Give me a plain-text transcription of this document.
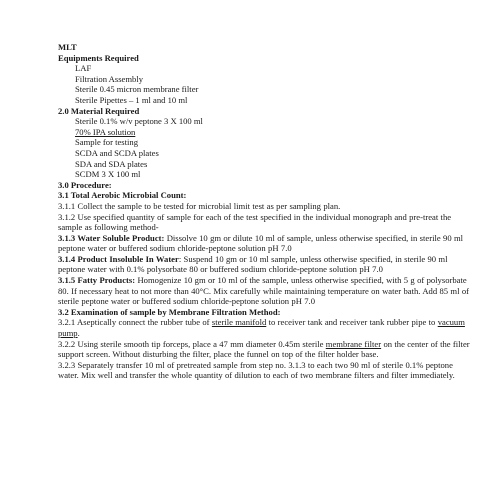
MLT
Equipments Required
LAF
Filtration Assembly
Sterile 0.45 micron membrane filter
Sterile Pipettes – 1 ml and 10 ml
2.0 Material Required
Sterile 0.1% w/v peptone 3 X 100 ml
70% IPA solution
Sample for testing
SCDA and SCDA plates
SDA and SDA plates
SCDM 3 X 100 ml
3.0 Procedure:
3.1 Total Aerobic Microbial Count:
3.1.1 Collect the sample to be tested for microbial limit test as per sampling plan.
3.1.2 Use specified quantity of sample for each of the test specified in the individual monograph and pre-treat the sample as following method-
3.1.3 Water Soluble Product: Dissolve 10 gm or dilute 10 ml of sample, unless otherwise specified, in sterile 90 ml peptone water or buffered sodium chloride-peptone solution pH 7.0
3.1.4 Product Insoluble In Water: Suspend 10 gm or 10 ml sample, unless otherwise specified, in sterile 90 ml peptone water with 0.1% polysorbate 80 or buffered sodium chloride-peptone solution pH 7.0
3.1.5 Fatty Products: Homogenize 10 gm or 10 ml of the sample, unless otherwise specified, with 5 g of polysorbate 80. If necessary heat to not more than 40°C. Mix carefully while maintaining temperature on water bath. Add 85 ml of sterile peptone water or buffered sodium chloride-peptone solution pH 7.0
3.2 Examination of sample by Membrane Filtration Method:
3.2.1 Aseptically connect the rubber tube of sterile manifold to receiver tank and receiver tank rubber pipe to vacuum pump.
3.2.2 Using sterile smooth tip forceps, place a 47 mm diameter 0.45m sterile membrane filter on the center of the filter support screen. Without disturbing the filter, place the funnel on top of the filter holder base.
3.2.3 Separately transfer 10 ml of pretreated sample from step no. 3.1.3 to each two 90 ml of sterile 0.1% peptone water. Mix well and transfer the whole quantity of dilution to each of two membrane filters and filter immediately.
